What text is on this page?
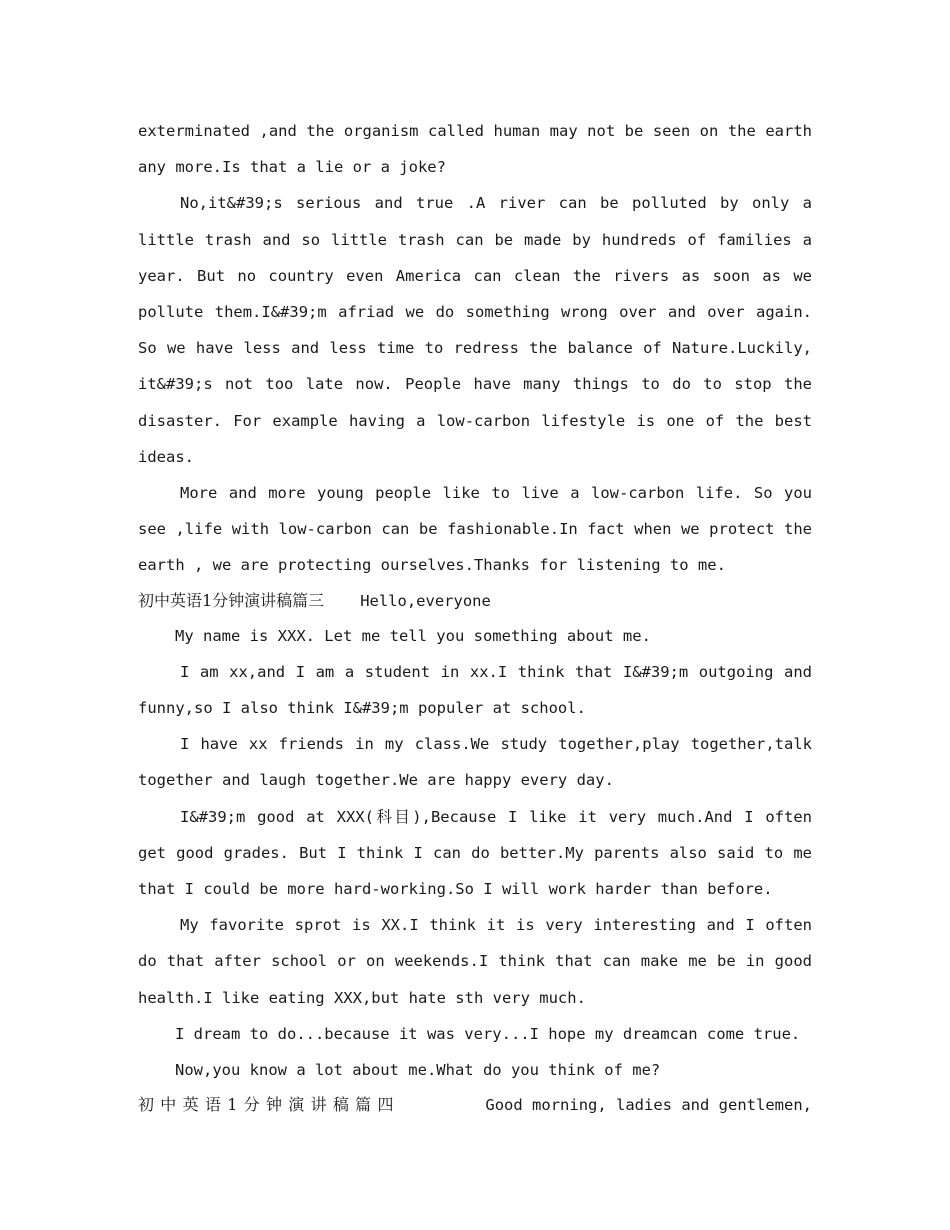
exterminated ,and the organism called human may not be seen on the earth any more.Is that a lie or a joke?

No,it&#39;s serious and true .A river can be polluted by only a little trash and so little trash can be made by hundreds of families a year. But no country even America can clean the rivers as soon as we pollute them.I&#39;m afriad we do something wrong over and over again. So we have less and less time to redress the balance of Nature.Luckily, it&#39;s not too late now. People have many things to do to stop the disaster. For example having a low-carbon lifestyle is one of the best ideas.

More and more young people like to live a low-carbon life. So you see ,life with low-carbon can be fashionable.In fact when we protect the earth , we are protecting ourselves.Thanks for listening to me.

初中英语1分钟演讲稿篇三 Hello,everyone

My name is XXX. Let me tell you something about me.

I am xx,and I am a student in xx.I think that I&#39;m outgoing and funny,so I also think I&#39;m populer at school.

I have xx friends in my class.We study together,play together,talk together and laugh together.We are happy every day.

I&#39;m good at XXX(科目),Because I like it very much.And I often get good grades. But I think I can do better.My parents also said to me that I could be more hard-working.So I will work harder than before.

My favorite sprot is XX.I think it is very interesting and I often do that after school or on weekends.I think that can make me be in good health.I like eating XXX,but hate sth very much.

I dream to do...because it was very...I hope my dreamcan come true.

Now,you know a lot about me.What do you think of me?

初中英语1分钟演讲稿篇四	Good morning, ladies and gentlemen,
